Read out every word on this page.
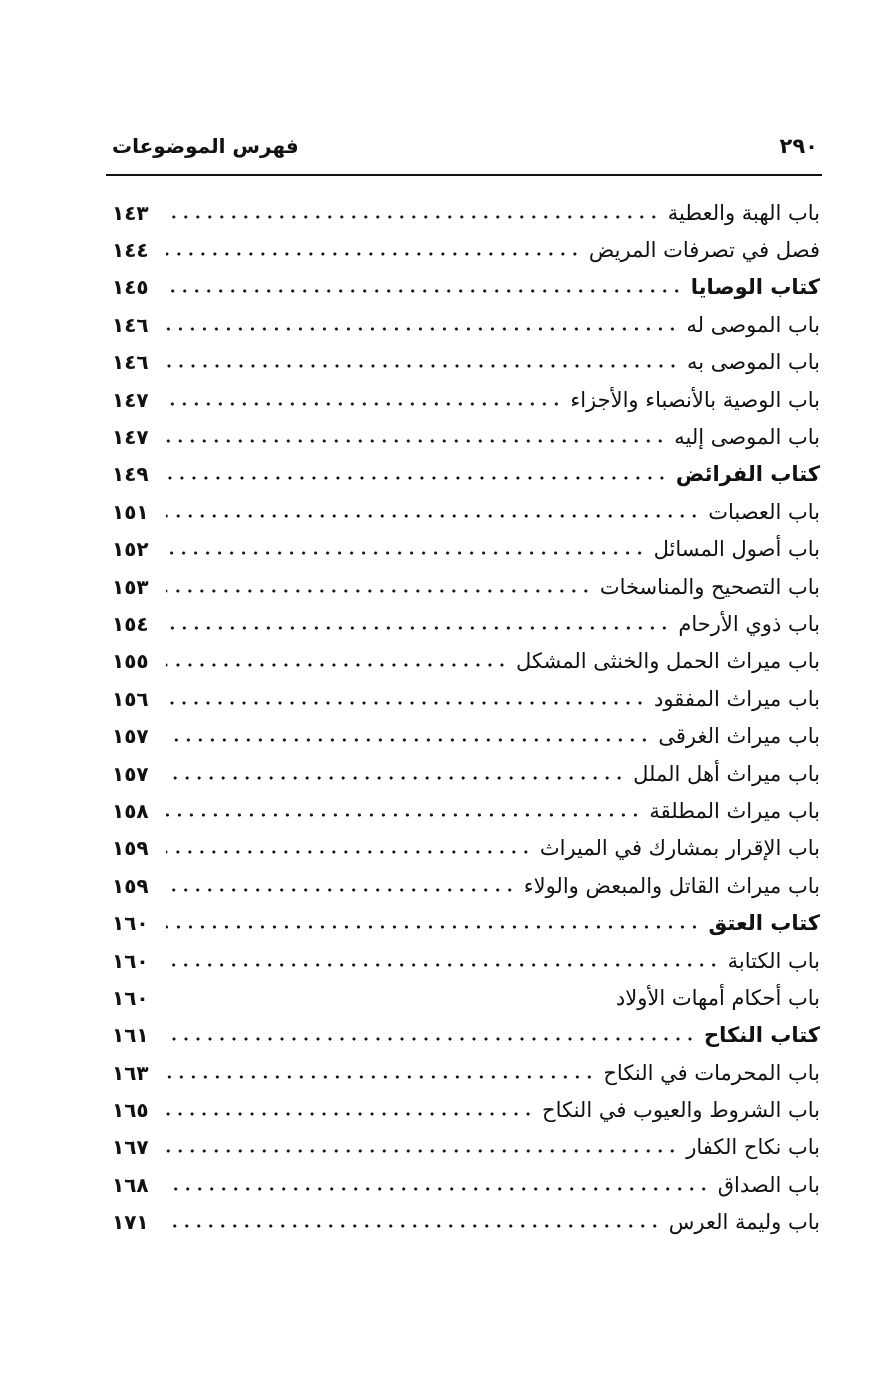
فهرس الموضوعات	٢٩٠
١٤٣	باب الهبة والعطية
١٤٤	فصل في تصرفات المريض
١٤٥	كتاب الوصايا
١٤٦	باب الموصى له
١٤٦	باب الموصى به
١٤٧	باب الوصية بالأنصباء والأجزاء
١٤٧	باب الموصى إليه
١٤٩	كتاب الفرائض
١٥١	باب العصبات
١٥٢	باب أصول المسائل
١٥٣	باب التصحيح والمناسخات
١٥٤	باب ذوي الأرحام
١٥٥	باب ميراث الحمل والخنثى المشكل
١٥٦	باب ميراث المفقود
١٥٧	باب ميراث الغرقى
١٥٧	باب ميراث أهل الملل
١٥٨	باب ميراث المطلقة
١٥٩	باب الإقرار بمشارك في الميراث
١٥٩	باب ميراث القاتل والمبعض والولاء
١٦٠	كتاب العتق
١٦٠	باب الكتابة
١٦٠	باب أحكام أمهات الأولاد
١٦١	كتاب النكاح
١٦٣	باب المحرمات في النكاح
١٦٥	باب الشروط والعيوب في النكاح
١٦٧	باب نكاح الكفار
١٦٨	باب الصداق
١٧١	باب وليمة العرس
